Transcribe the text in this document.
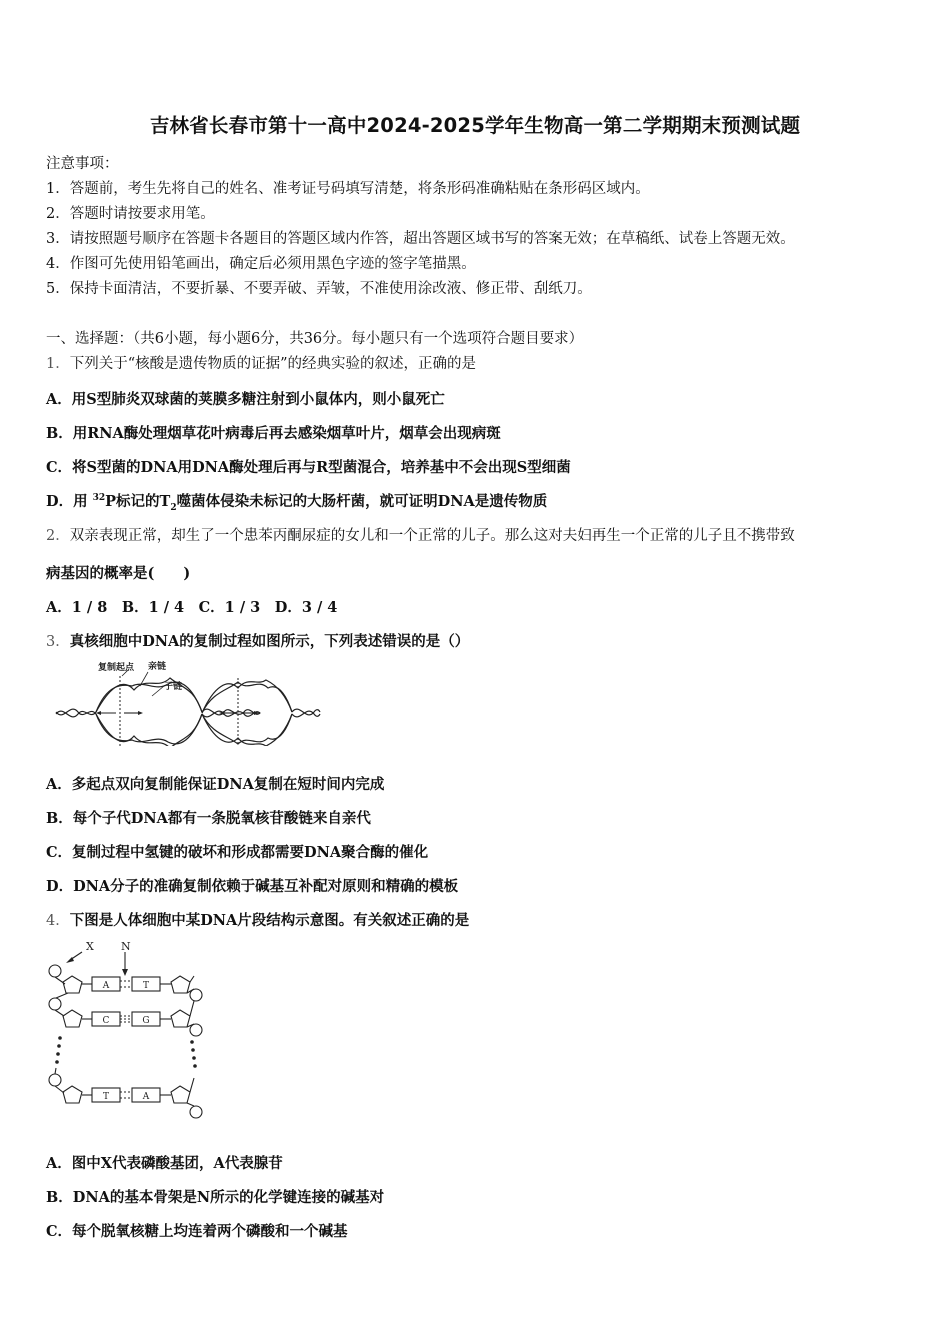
吉林省长春市第十一高中2024-2025学年生物高一第二学期期末预测试题
注意事项：
1．答题前，考生先将自己的姓名、准考证号码填写清楚，将条形码准确粘贴在条形码区域内。
2．答题时请按要求用笔。
3．请按照题号顺序在答题卡各题目的答题区域内作答，超出答题区域书写的答案无效；在草稿纸、试卷上答题无效。
4．作图可先使用铅笔画出，确定后必须用黑色字迹的签字笔描黑。
5．保持卡面清洁，不要折暴、不要弄破、弄皱，不准使用涂改液、修正带、刮纸刀。
一、选择题：（共6小题，每小题6分，共36分。每小题只有一个选项符合题目要求）
1．下列关于“核酸是遗传物质的证据”的经典实验的叙述，正确的是
A．用S型肺炎双球菌的荚膜多糖注射到小鼠体内，则小鼠死亡
B．用RNA酶处理烟草花叶病毒后再去感染烟草叶片，烟草会出现病斑
C．将S型菌的DNA用DNA酶处理后再与R型菌混合，培养基中不会出现S型细菌
D．用 $^{32}$P标记的$T_2$噬菌体侵染未标记的大肠杆菌，就可证明DNA是遗传物质
2．双亲表现正常，却生了一个患苯丙酮尿症的女儿和一个正常的儿子。那么这对夫妇再生一个正常的儿子且不携带致
病基因的概率是(　　)
A．1 / 8　B．1 / 4　C．1 / 3　D．3 / 4
3．真核细胞中DNA的复制过程如图所示，下列表述错误的是（）
复制起点 亲链
子链
A．多起点双向复制能保证DNA复制在短时间内完成
B．每个子代DNA都有一条脱氧核苷酸链来自亲代
C．复制过程中氢键的破坏和形成都需要DNA聚合酶的催化
D．DNA分子的准确复制依赖于碱基互补配对原则和精确的模板
4．下图是人体细胞中某DNA片段结构示意图。有关叙述正确的是
X N
A	T
C	G
T	A
A．图中X代表磷酸基团，A代表腺苷
B．DNA的基本骨架是N所示的化学键连接的碱基对
C．每个脱氧核糖上均连着两个磷酸和一个碱基
